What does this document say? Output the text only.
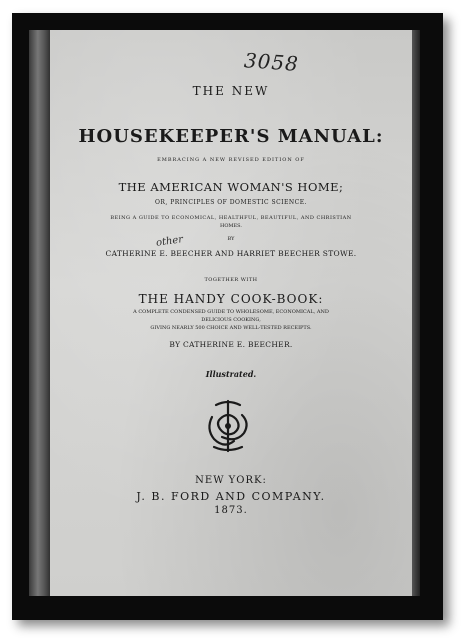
3058
THE NEW
HOUSEKEEPER'S MANUAL:
EMBRACING A NEW REVISED EDITION OF
THE AMERICAN WOMAN'S HOME;
OR, PRINCIPLES OF DOMESTIC SCIENCE.
BEING A GUIDE TO ECONOMICAL, HEALTHFUL, BEAUTIFUL, AND CHRISTIAN
HOMES.
BY
other
CATHERINE E. BEECHER AND HARRIET BEECHER STOWE.
TOGETHER WITH
THE HANDY COOK-BOOK:
A COMPLETE CONDENSED GUIDE TO WHOLESOME, ECONOMICAL, AND
DELICIOUS COOKING,
GIVING NEARLY 500 CHOICE AND WELL-TESTED RECEIPTS.
BY CATHERINE E. BEECHER.
Illustrated.
NEW YORK:
J. B. FORD AND COMPANY.
1873.
